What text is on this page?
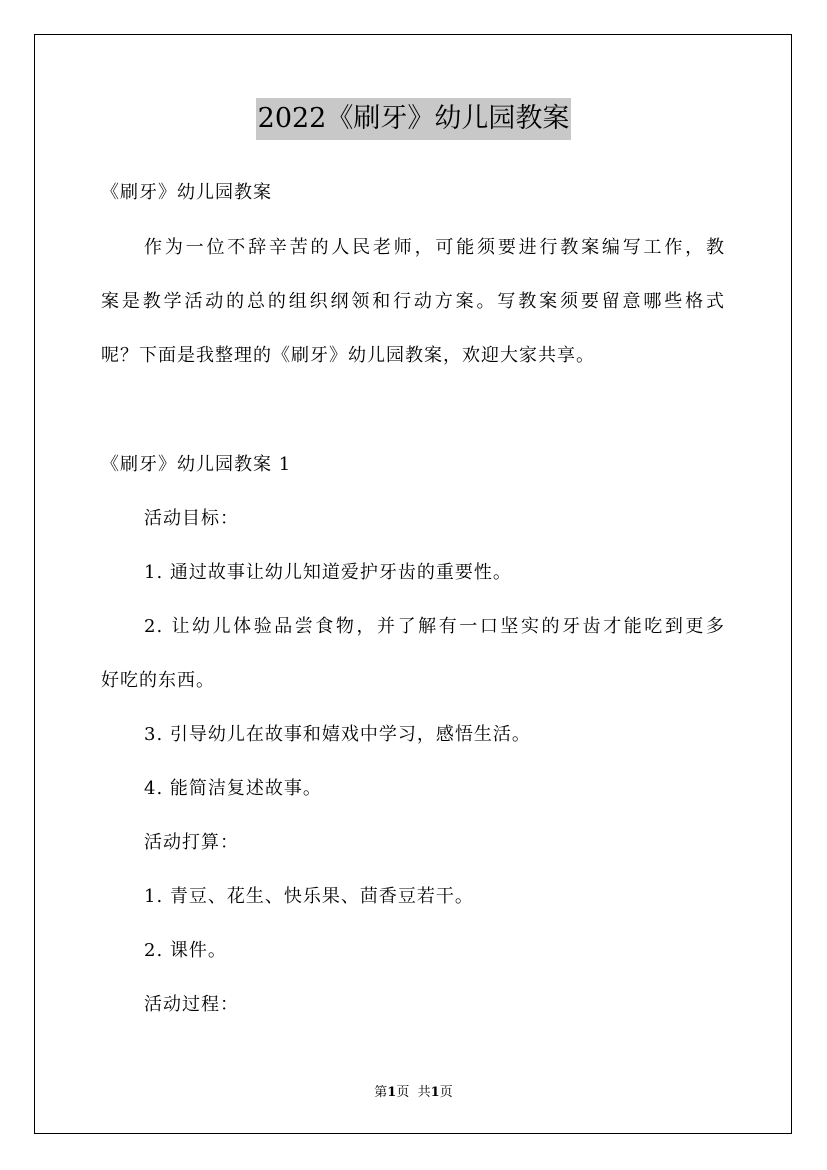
2022《刷牙》幼儿园教案
《刷牙》幼儿园教案
作为一位不辞辛苦的人民老师，可能须要进行教案编写工作，教
案是教学活动的总的组织纲领和行动方案。写教案须要留意哪些格式
呢？下面是我整理的《刷牙》幼儿园教案，欢迎大家共享。
《刷牙》幼儿园教案 1
活动目标：
1. 通过故事让幼儿知道爱护牙齿的重要性。
2. 让幼儿体验品尝食物，并了解有一口坚实的牙齿才能吃到更多
好吃的东西。
3. 引导幼儿在故事和嬉戏中学习，感悟生活。
4. 能简洁复述故事。
活动打算：
1. 青豆、花生、快乐果、茴香豆若干。
2. 课件。
活动过程：
第1页 共1页
